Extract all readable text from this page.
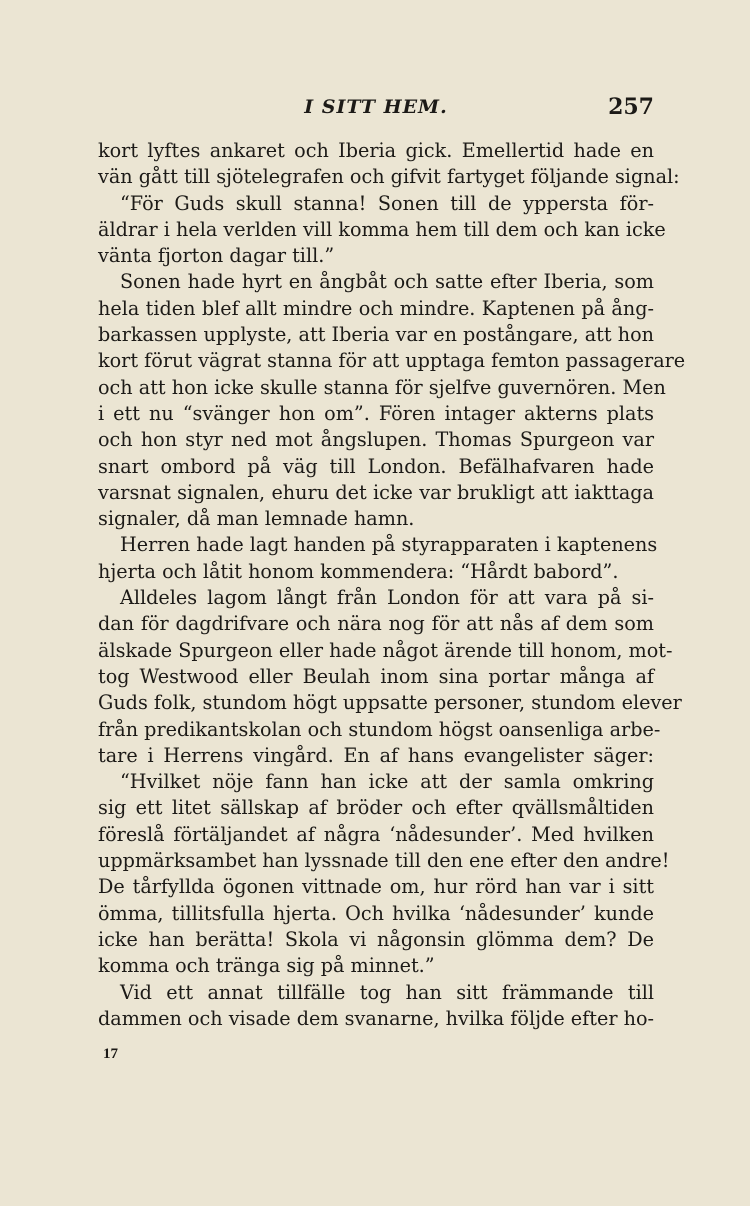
I SITT HEM.	257
kort lyftes ankaret och Iberia gick. Emellertid hade en
vän gått till sjötelegrafen och gifvit fartyget följande signal:
“För Guds skull stanna! Sonen till de yppersta för-
äldrar i hela verlden vill komma hem till dem och kan icke
vänta fjorton dagar till.”
Sonen hade hyrt en ångbåt och satte efter Iberia, som
hela tiden blef allt mindre och mindre. Kaptenen på ång-
barkassen upplyste, att Iberia var en postångare, att hon
kort förut vägrat stanna för att upptaga femton passagerare
och att hon icke skulle stanna för sjelfve guvernören. Men
i ett nu “svänger hon om”. Fören intager akterns plats
och hon styr ned mot ångslupen. Thomas Spurgeon var
snart ombord på väg till London. Befälhafvaren hade
varsnat signalen, ehuru det icke var brukligt att iakttaga
signaler, då man lemnade hamn.
Herren hade lagt handen på styrapparaten i kaptenens
hjerta och låtit honom kommendera: “Hårdt babord”.
Alldeles lagom långt från London för att vara på si-
dan för dagdrifvare och nära nog för att nås af dem som
älskade Spurgeon eller hade något ärende till honom, mot-
tog Westwood eller Beulah inom sina portar många af
Guds folk, stundom högt uppsatte personer, stundom elever
från predikantskolan och stundom högst oansenliga arbe-
tare i Herrens vingård. En af hans evangelister säger:
“Hvilket nöje fann han icke att der samla omkring
sig ett litet sällskap af bröder och efter qvällsmåltiden
föreslå förtäljandet af några ‘nådesunder’. Med hvilken
uppmärksambet han lyssnade till den ene efter den andre!
De tårfyllda ögonen vittnade om, hur rörd han var i sitt
ömma, tillitsfulla hjerta. Och hvilka ‘nådesunder’ kunde
icke han berätta! Skola vi någonsin glömma dem? De
komma och tränga sig på minnet.”
Vid ett annat tillfälle tog han sitt främmande till
dammen och visade dem svanarne, hvilka följde efter ho-
17
